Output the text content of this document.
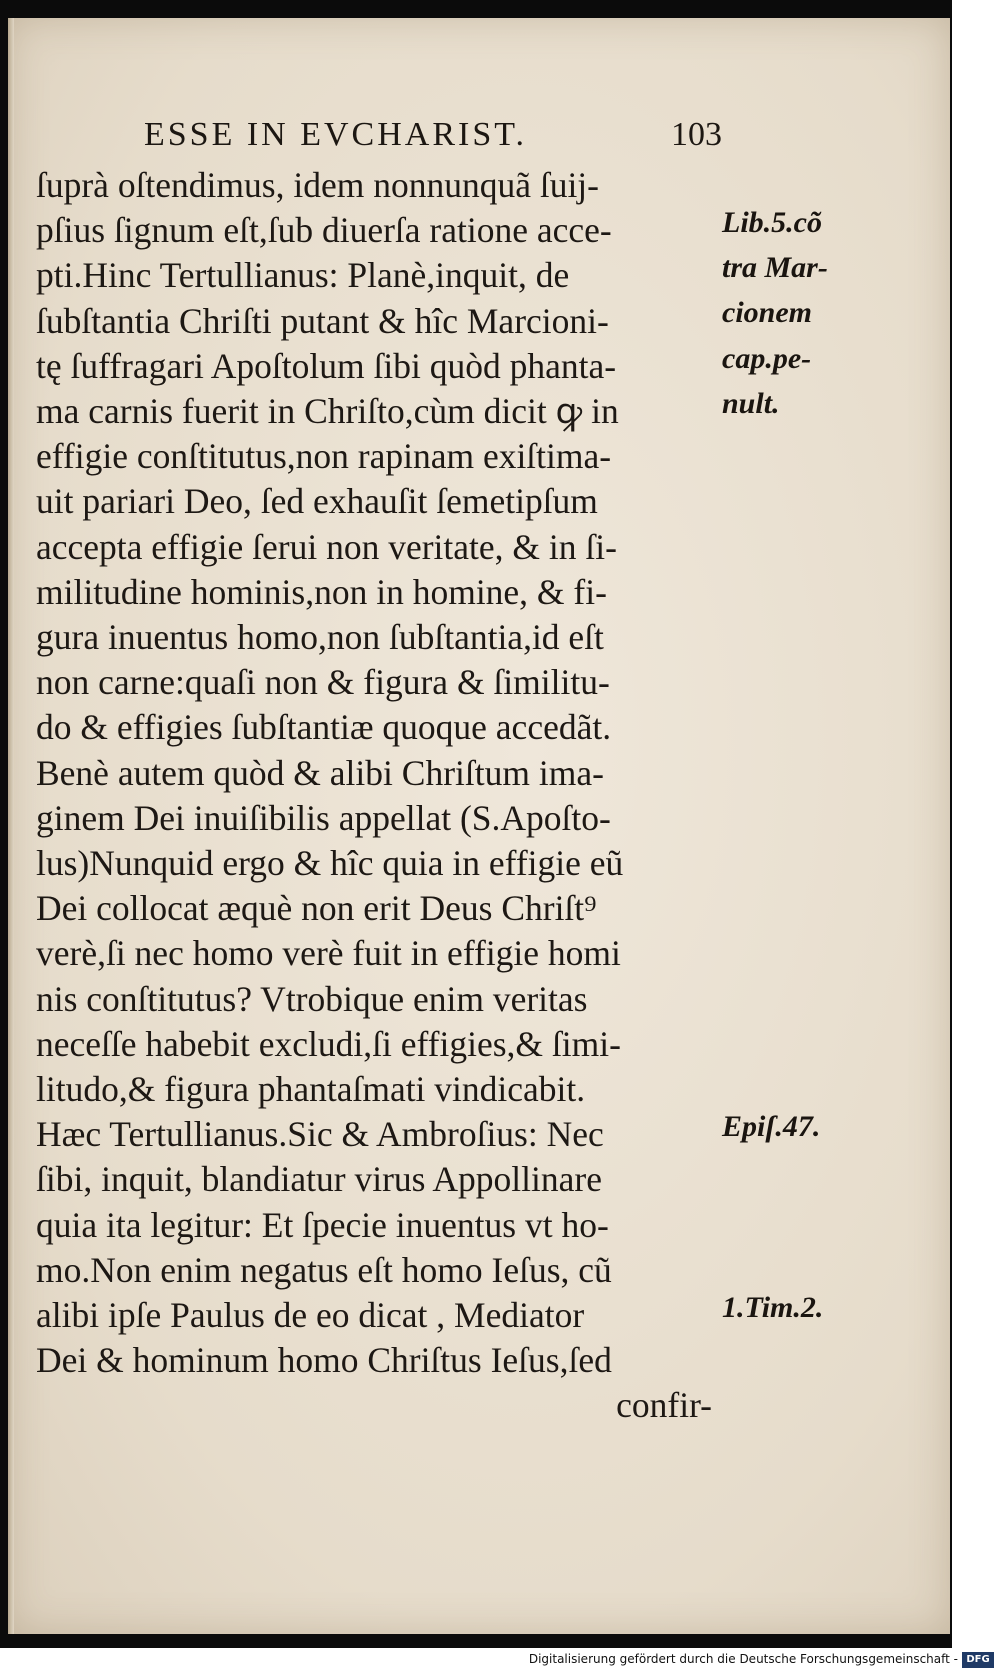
ESSE IN EVCHARIST.	103
ſuprà oſtendimus, idem nonnunquã ſuij-
pſius ſignum eſt,ſub diuerſa ratione acce-
pti.Hinc Tertullianus: Planè,inquit, de
ſubſtantia Chriſti putant & hîc Marcioni-
tę ſuffragari Apoſtolum ſibi quòd phanta-
ma carnis fuerit in Chriſto,cùm dicit ꝙ in
effigie conſtitutus,non rapinam exiſtima-
uit pariari Deo, ſed exhauſit ſemetipſum
accepta effigie ſerui non veritate, & in ſi-
militudine hominis,non in homine, & fi-
gura inuentus homo,non ſubſtantia,id eſt
non carne:quaſi non & figura & ſimilitu-
do & effigies ſubſtantiæ quoque accedãt.
Benè autem quòd & alibi Chriſtum ima-
ginem Dei inuiſibilis appellat (S.Apoſto-
lus)Nunquid ergo & hîc quia in effigie eũ
Dei collocat æquè non erit Deus Chriſt⁹
verè,ſi nec homo verè fuit in effigie homi
nis conſtitutus? Vtrobique enim veritas
neceſſe habebit excludi,ſi effigies,& ſimi-
litudo,& figura phantaſmati vindicabit.
Hæc Tertullianus.Sic & Ambroſius: Nec
ſibi, inquit, blandiatur virus Appollinare
quia ita legitur: Et ſpecie inuentus vt ho-
mo.Non enim negatus eſt homo Ieſus, cũ
alibi ipſe Paulus de eo dicat , Mediator
Dei & hominum homo Chriſtus Ieſus,ſed
confir-
Lib.5.cõ
tra Mar-
cionem
cap.pe-
nult.
Epiſ.47.
1.Tim.2.
Digitalisierung gefördert durch die Deutsche Forschungsgemeinschaft - DFG
